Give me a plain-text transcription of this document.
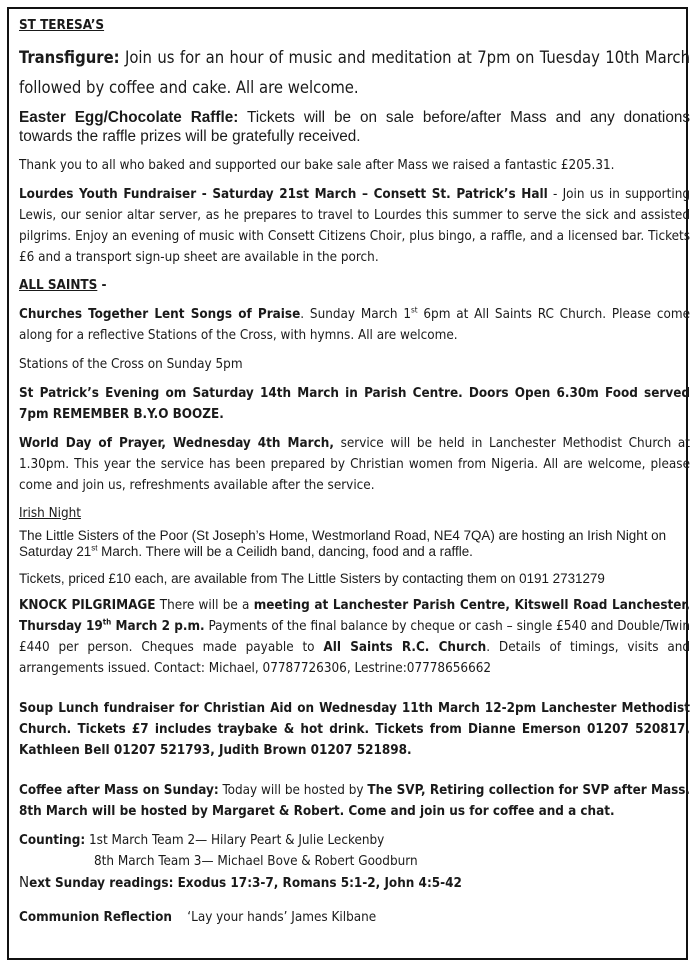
ST TERESA’S

Transfigure: Join us for an hour of music and meditation at 7pm on Tuesday 10th March followed by coffee and cake. All are welcome.

Easter Egg/Chocolate Raffle: Tickets will be on sale before/after Mass and any donations towards the raffle prizes will be gratefully received.

Thank you to all who baked and supported our bake sale after Mass we raised a fantastic £205.31.

Lourdes Youth Fundraiser - Saturday 21st March – Consett St. Patrick’s Hall - Join us in supporting Lewis, our senior altar server, as he prepares to travel to Lourdes this summer to serve the sick and assisted pilgrims. Enjoy an evening of music with Consett Citizens Choir, plus bingo, a raffle, and a licensed bar. Tickets £6 and a transport sign-up sheet are available in the porch.

ALL SAINTS -

Churches Together Lent Songs of Praise. Sunday March 1st 6pm at All Saints RC Church. Please come along for a reflective Stations of the Cross, with hymns. All are welcome.

Stations of the Cross on Sunday 5pm

St Patrick’s Evening om Saturday 14th March in Parish Centre. Doors Open 6.30m Food served 7pm REMEMBER B.Y.O BOOZE.

World Day of Prayer, Wednesday 4th March, service will be held in Lanchester Methodist Church at 1.30pm. This year the service has been prepared by Christian women from Nigeria. All are welcome, please come and join us, refreshments available after the service.

Irish Night

The Little Sisters of the Poor (St Joseph’s Home, Westmorland Road, NE4 7QA) are hosting an Irish Night on Saturday 21st March. There will be a Ceilidh band, dancing, food and a raffle.

Tickets, priced £10 each, are available from The Little Sisters by contacting them on 0191 2731279

KNOCK PILGRIMAGE There will be a meeting at Lanchester Parish Centre, Kitswell Road Lanchester, Thursday 19th March 2 p.m. Payments of the final balance by cheque or cash – single £540 and Double/Twin £440 per person. Cheques made payable to All Saints R.C. Church. Details of timings, visits and arrangements issued. Contact: Michael, 07787726306, Lestrine:07778656662

Soup Lunch fundraiser for Christian Aid on Wednesday 11th March 12-2pm Lanchester Methodist Church. Tickets £7 includes traybake & hot drink. Tickets from Dianne Emerson 01207 520817, Kathleen Bell 01207 521793, Judith Brown 01207 521898.

Coffee after Mass on Sunday: Today will be hosted by The SVP, Retiring collection for SVP after Mass. 8th March will be hosted by Margaret & Robert. Come and join us for coffee and a chat.

Counting: 1st March Team 2— Hilary Peart & Julie Leckenby

8th March Team 3— Michael Bove & Robert Goodburn

Next Sunday readings: Exodus 17:3-7, Romans 5:1-2, John 4:5-42

Communion Reflection    ‘Lay your hands’ James Kilbane
